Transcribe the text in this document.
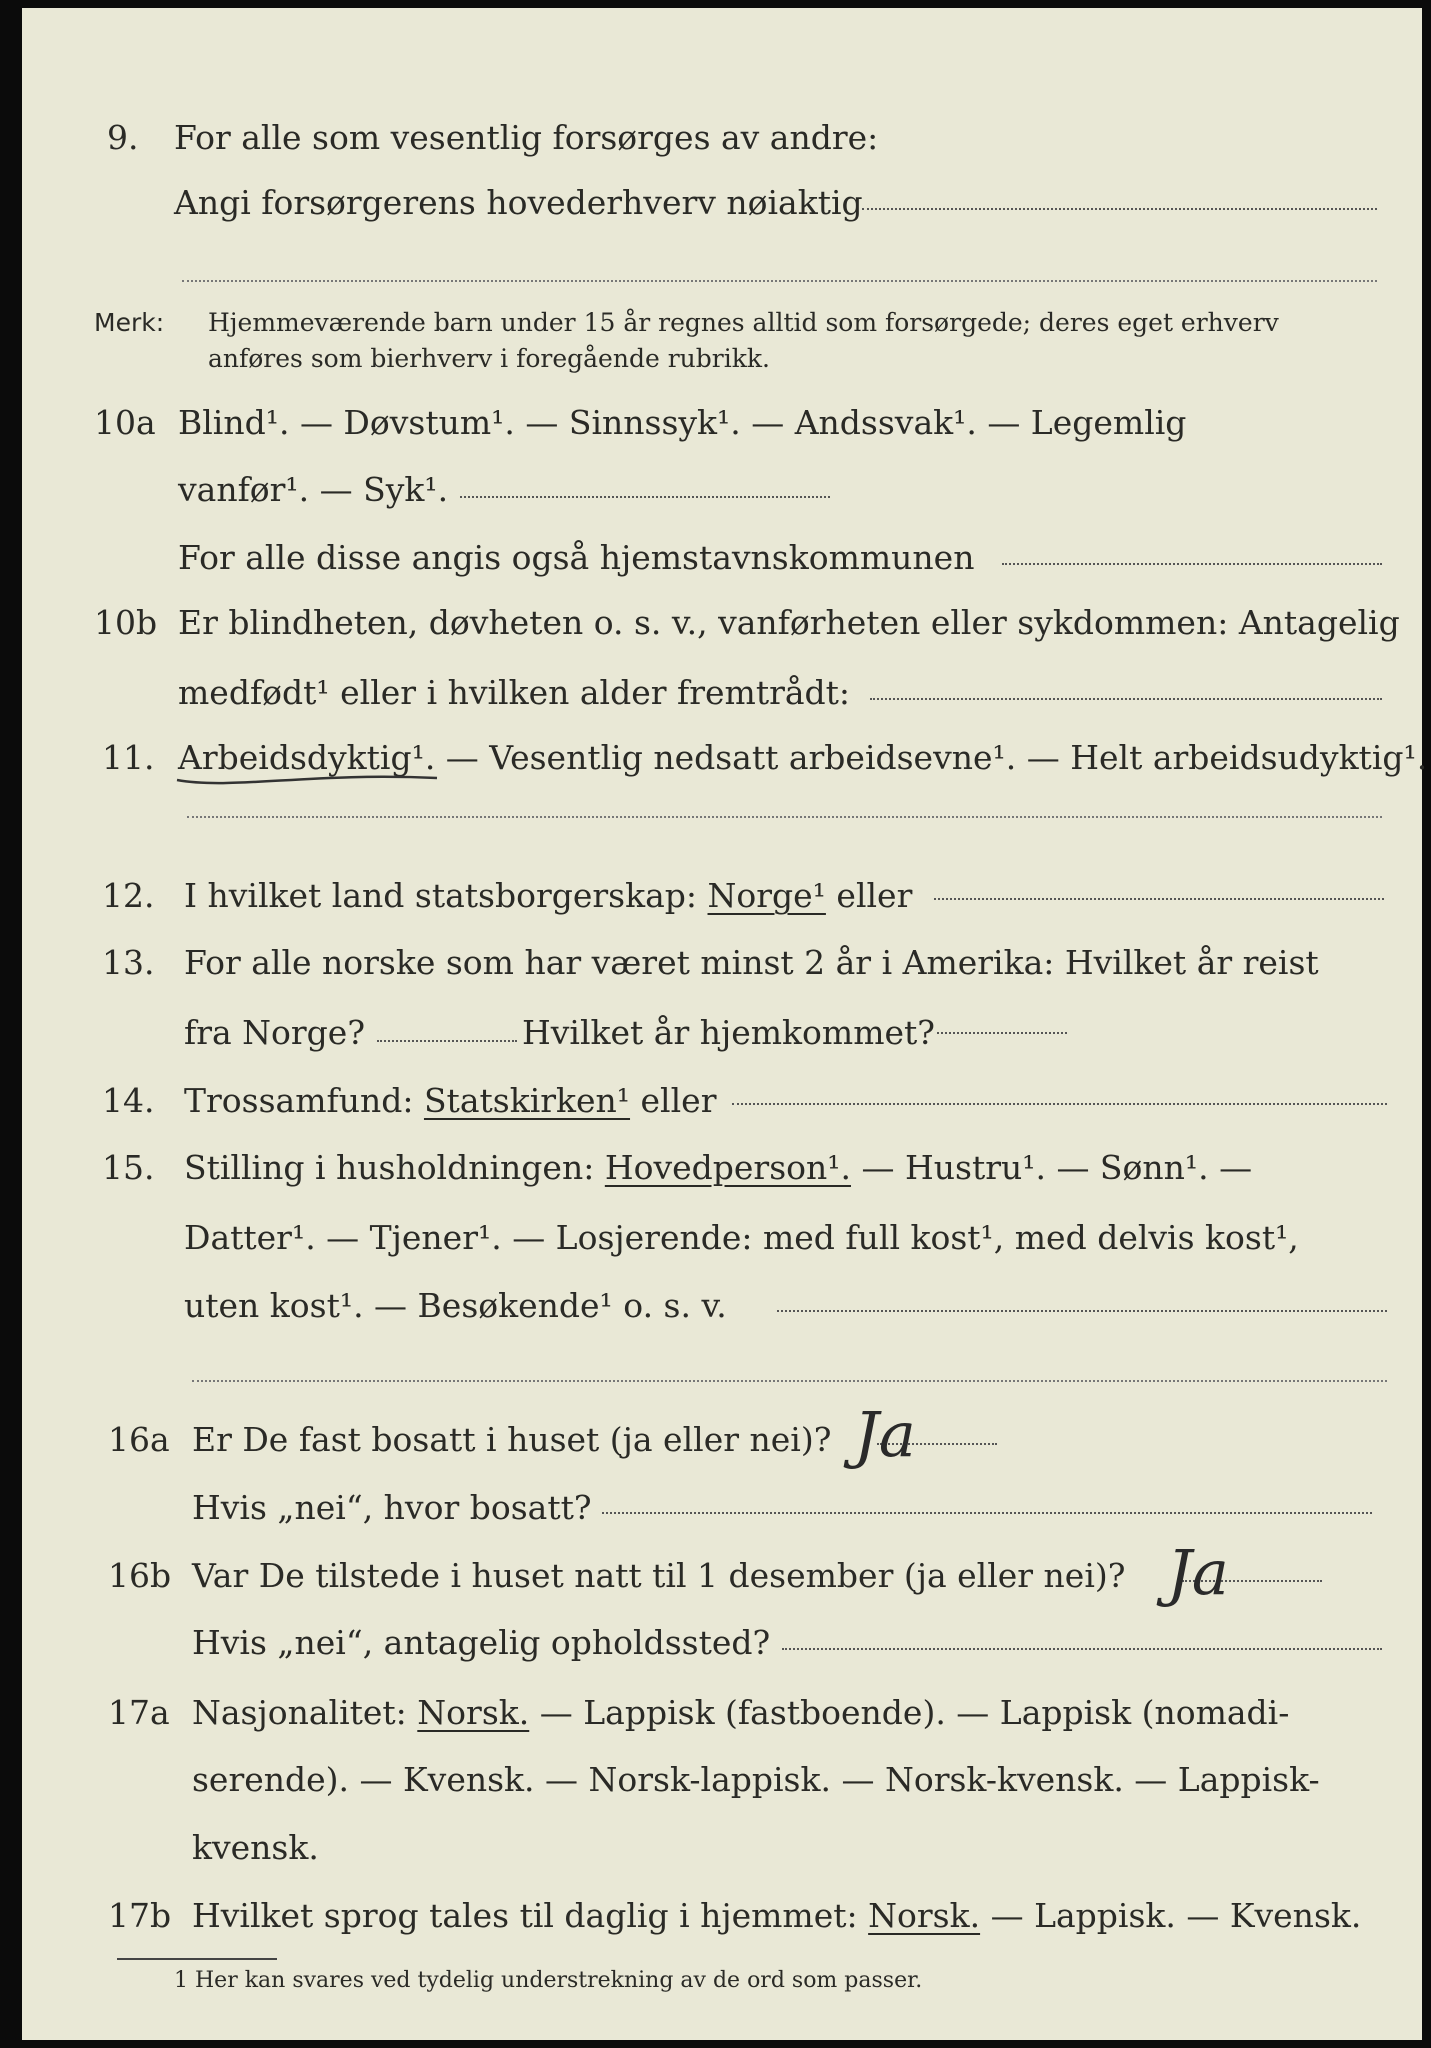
9. For alle som vesentlig forsørges av andre:
Angi forsørgerens hovederhverv nøiaktig
Merk: Hjemmeværende barn under 15 år regnes alltid som forsørgede; deres eget erhverv
anføres som bierhverv i foregående rubrikk.
10a Blind¹. — Døvstum¹. — Sinnssyk¹. — Andssvak¹. — Legemlig
vanfør¹. — Syk¹.
For alle disse angis også hjemstavnskommunen
10b Er blindheten, døvheten o. s. v., vanførheten eller sykdommen: Antagelig
medfødt¹ eller i hvilken alder fremtrådt:
11. Arbeidsdyktig¹. — Vesentlig nedsatt arbeidsevne¹. — Helt arbeidsudyktig¹.
12. I hvilket land statsborgerskap: Norge¹ eller
13. For alle norske som har været minst 2 år i Amerika: Hvilket år reist
fra Norge?	Hvilket år hjemkommet?
14. Trossamfund: Statskirken¹ eller
15. Stilling i husholdningen: Hovedperson¹. — Hustru¹. — Sønn¹. —
Datter¹. — Tjener¹. — Losjerende: med full kost¹, med delvis kost¹,
uten kost¹. — Besøkende¹ o. s. v.
16a Er De fast bosatt i huset (ja eller nei)? Ja
Hvis „nei“, hvor bosatt?
16b Var De tilstede i huset natt til 1 desember (ja eller nei)? Ja
Hvis „nei“, antagelig opholdssted?
17a Nasjonalitet: Norsk. — Lappisk (fastboende). — Lappisk (nomadi-
serende). — Kvensk. — Norsk-lappisk. — Norsk-kvensk. — Lappisk-
kvensk.
17b Hvilket sprog tales til daglig i hjemmet: Norsk. — Lappisk. — Kvensk.
1 Her kan svares ved tydelig understrekning av de ord som passer.
